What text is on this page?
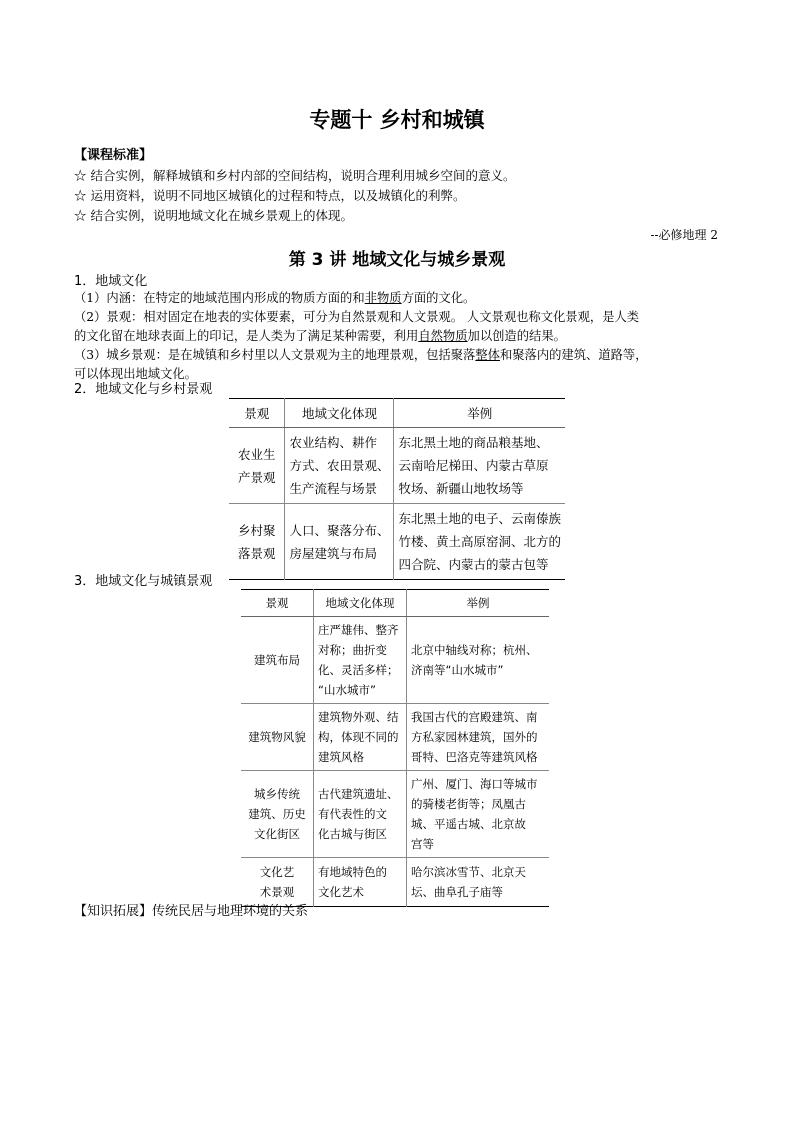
专题十 乡村和城镇
【课程标准】
☆ 结合实例，解释城镇和乡村内部的空间结构，说明合理利用城乡空间的意义。
☆ 运用资料，说明不同地区城镇化的过程和特点，以及城镇化的利弊。
☆ 结合实例，说明地域文化在城乡景观上的体现。
--必修地理 2
第 3 讲 地域文化与城乡景观
1．地域文化
（1）内涵：在特定的地域范围内形成的物质方面的和非物质方面的文化。
（2）景观：相对固定在地表的实体要素，可分为自然景观和人文景观。 人文景观也称文化景观，是人类
的文化留在地球表面上的印记，是人类为了满足某种需要，利用自然物质加以创造的结果。
（3）城乡景观：是在城镇和乡村里以人文景观为主的地理景观，包括聚落整体和聚落内的建筑、道路等，
可以体现出地域文化。
2．地域文化与乡村景观
景观	地域文化体现	举例

农业生
产景观	农业结构、耕作
方式、农田景观、
生产流程与场景	东北黑土地的商品粮基地、
云南哈尼梯田、内蒙古草原
牧场、新疆山地牧场等

乡村聚
落景观	人口、聚落分布、
房屋建筑与布局	东北黑土地的电子、云南傣族
竹楼、黄土高原窑洞、北方的
四合院、内蒙古的蒙古包等
3．地域文化与城镇景观
景观	地域文化体现	举例

建筑布局	庄严雄伟、整齐
对称；曲折变
化、灵活多样；
“山水城市”	北京中轴线对称；杭州、
济南等“山水城市”

建筑物风貌	建筑物外观、结
构，体现不同的
建筑风格	我国古代的宫殿建筑、南
方私家园林建筑，国外的
哥特、巴洛克等建筑风格

城乡传统
建筑、历史
文化街区	古代建筑遗址、
有代表性的文
化古城与街区	广州、厦门、海口等城市
的骑楼老街等；凤凰古
城、平遥古城、北京故
宫等

文化艺
术景观	有地域特色的
文化艺术	哈尔滨冰雪节、北京天
坛、曲阜孔子庙等
【知识拓展】传统民居与地理环境的关系
